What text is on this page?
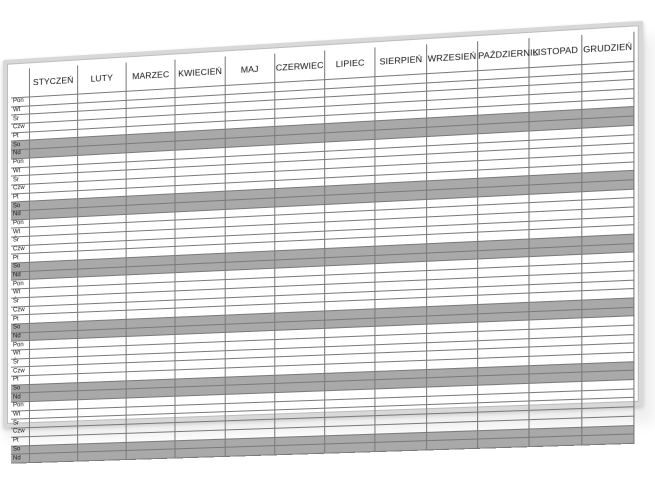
	STYCZEŃ	LUTY	MARZEC	KWIECIEŃ	MAJ	CZERWIEC	LIPIEC	SIERPIEŃ	WRZESIEŃ	PAŹDZIERNIK	LISTOPAD	GRUDZIEŃ
Pon												
Wt												
Śr												
Czw												
Pt												
So												
Nd												
Pon												
Wt												
Śr												
Czw												
Pt												
So												
Nd												
Pon												
Wt												
Śr												
Czw												
Pt												
So												
Nd												
Pon												
Wt												
Śr												
Czw												
Pt												
So												
Nd												
Pon												
Wt												
Śr												
Czw												
Pt												
So												
Nd												
Pon												
Wt												
Śr												
Czw												
Pt												
So												
Nd												
